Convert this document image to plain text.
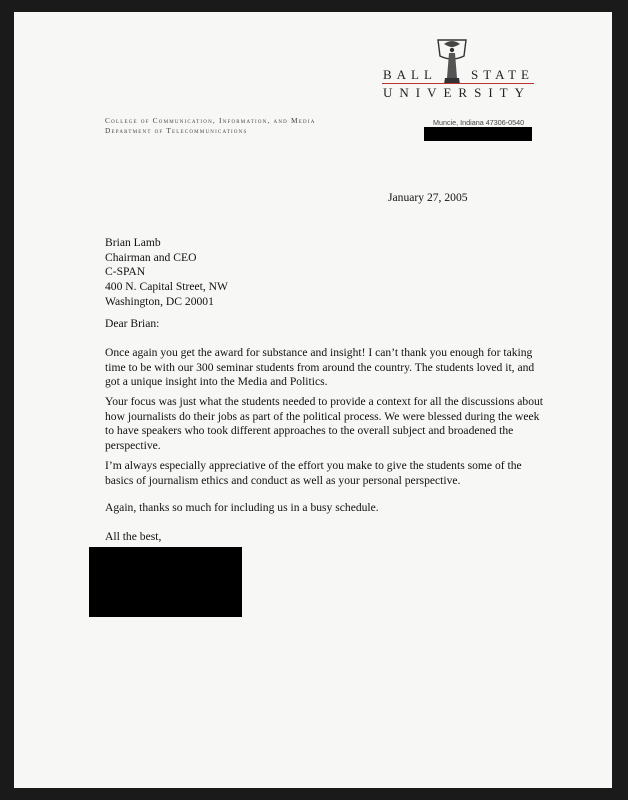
BALL	STATE
UNIVERSITY
College of Communication, Information, and Media
Department of Telecommunications
Muncie, Indiana 47306-0540
January 27, 2005
Brian Lamb
Chairman and CEO
C-SPAN
400 N. Capital Street, NW
Washington, DC 20001
Dear Brian:
Once again you get the award for substance and insight! I can’t thank you enough for taking time to be with our 300 seminar students from around the country. The students loved it, and got a unique insight into the Media and Politics.
Your focus was just what the students needed to provide a context for all the discussions about how journalists do their jobs as part of the political process. We were blessed during the week to have speakers who took different approaches to the overall subject and broadened the perspective.
I’m always especially appreciative of the effort you make to give the students some of the basics of journalism ethics and conduct as well as your personal perspective.
Again, thanks so much for including us in a busy schedule.
All the best,
